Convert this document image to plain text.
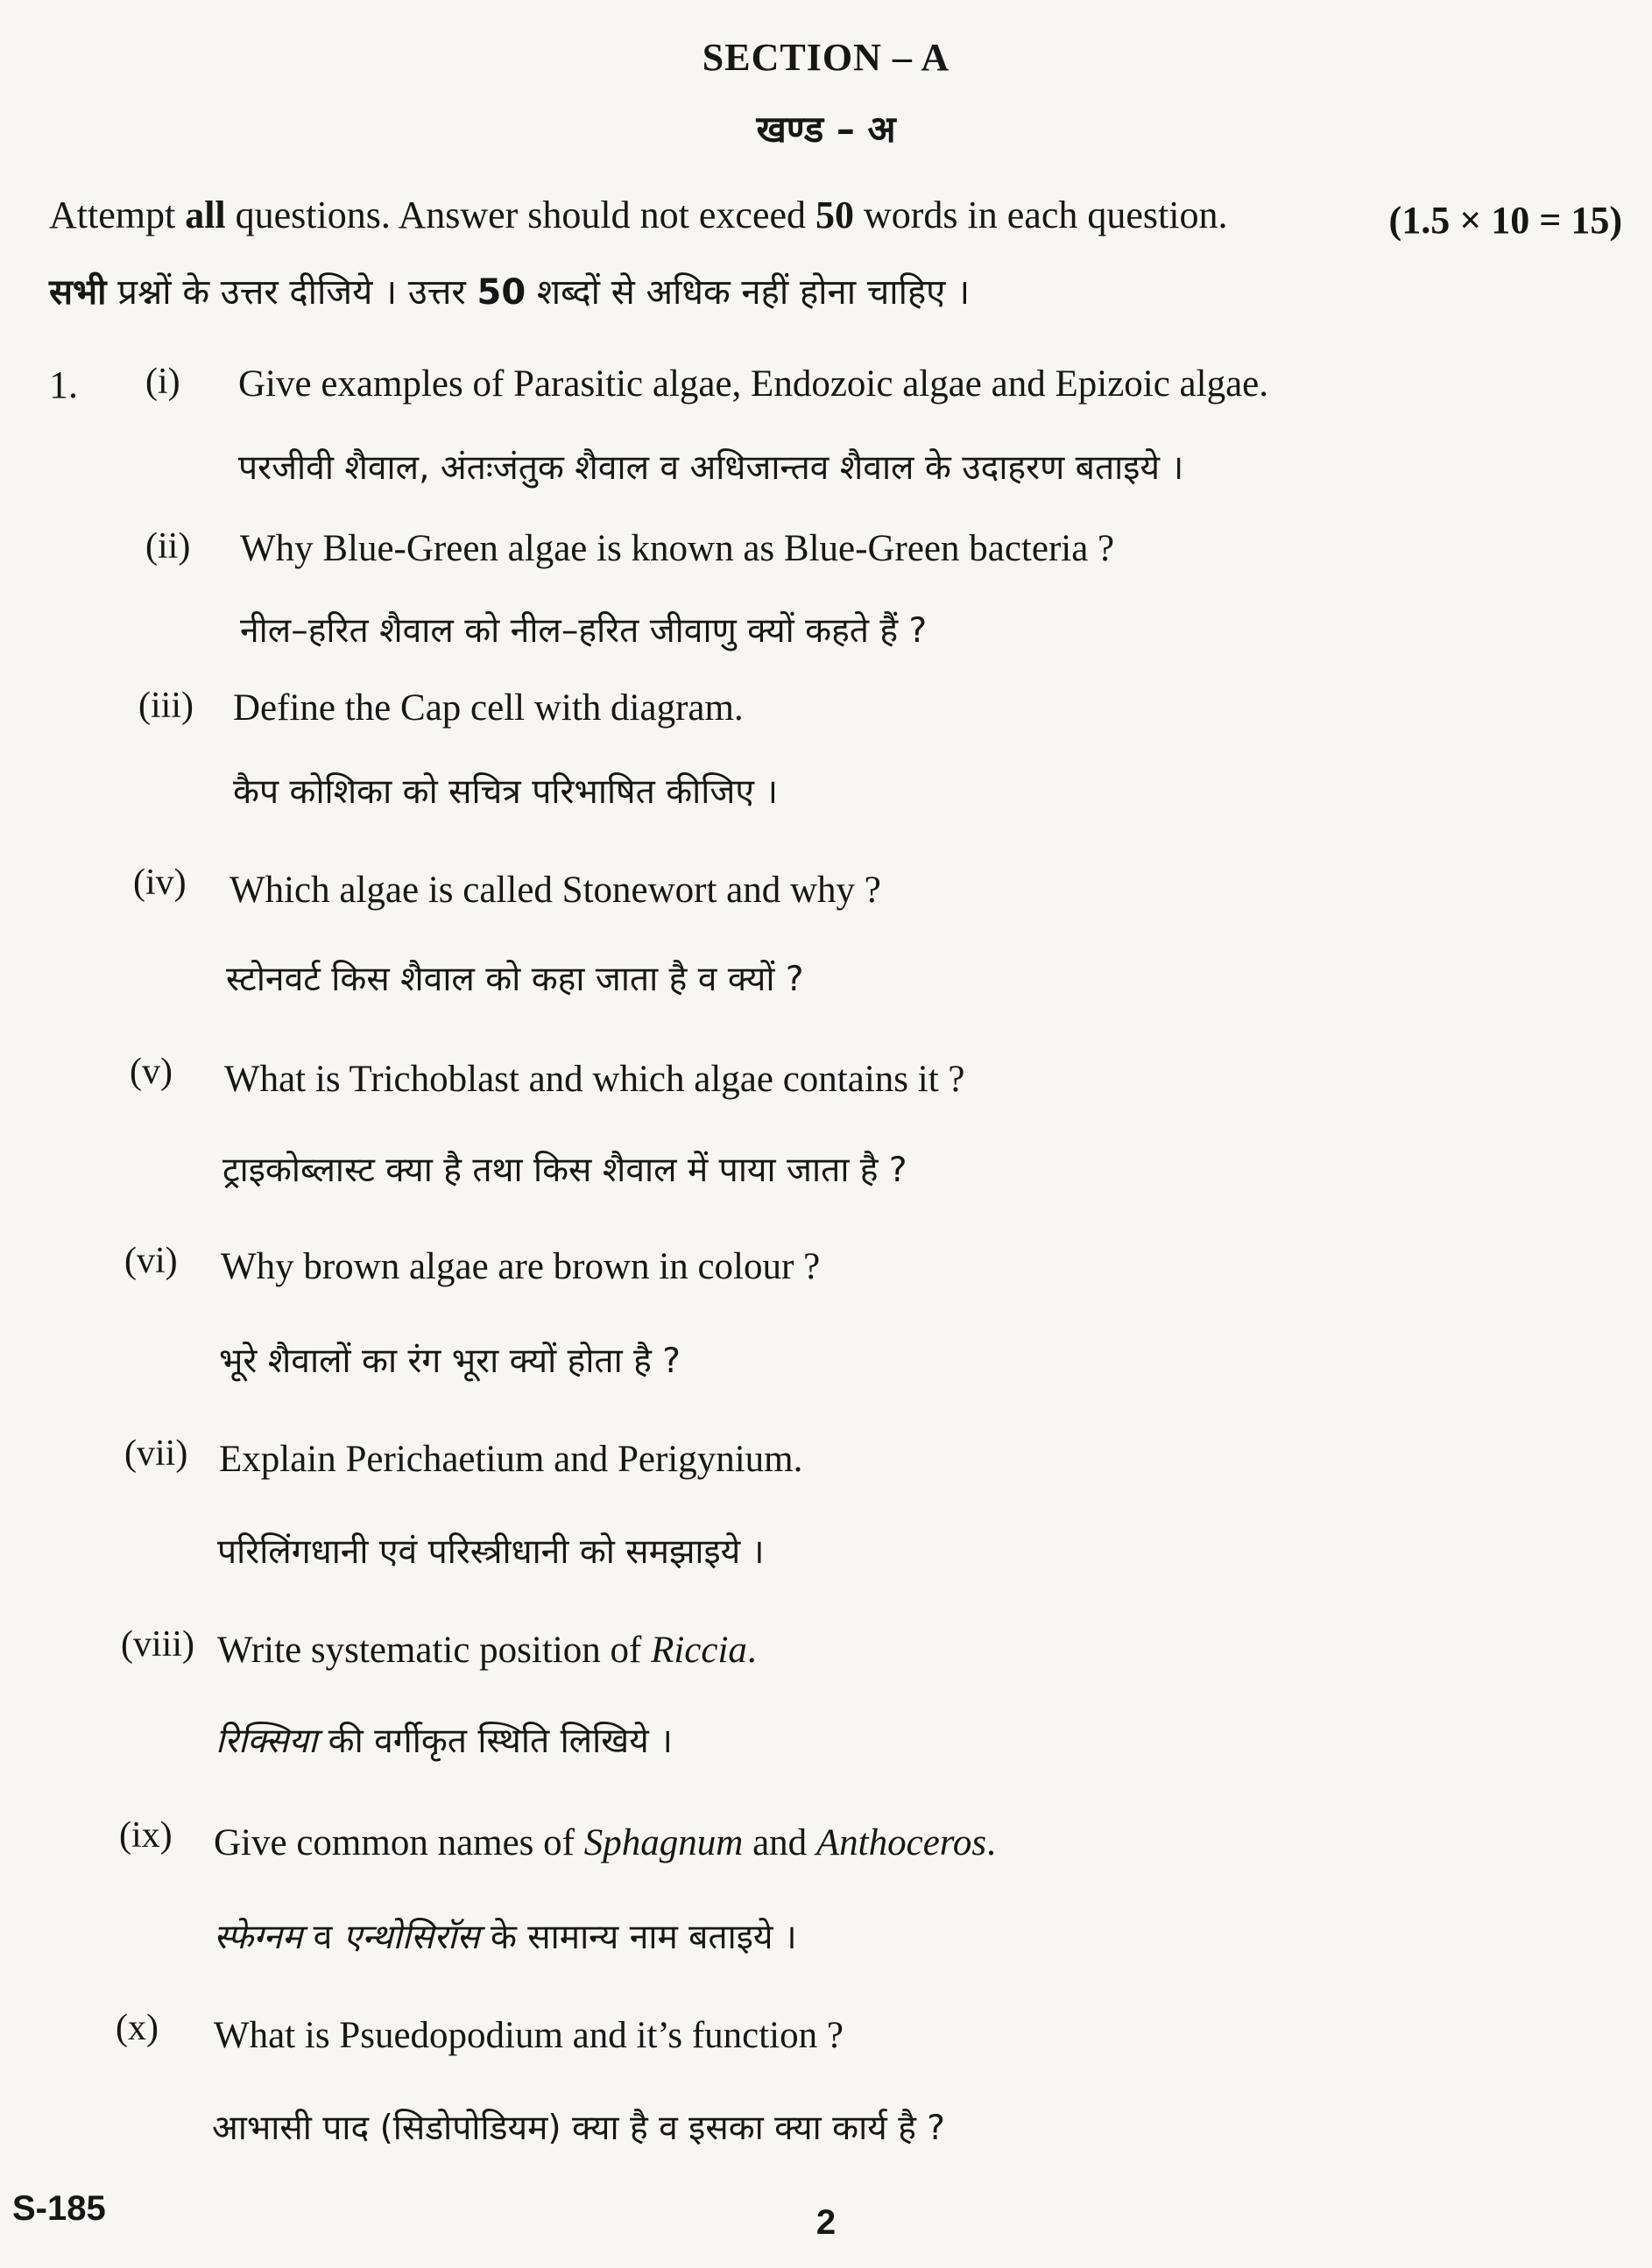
SECTION – A
खण्ड – अ
Attempt all questions. Answer should not exceed 50 words in each question.	(1.5 × 10 = 15)
सभी प्रश्नों के उत्तर दीजिये । उत्तर 50 शब्दों से अधिक नहीं होना चाहिए ।
1. (i) Give examples of Parasitic algae, Endozoic algae and Epizoic algae.
परजीवी शैवाल, अंतःजंतुक शैवाल व अधिजान्तव शैवाल के उदाहरण बताइये ।
(ii) Why Blue-Green algae is known as Blue-Green bacteria ?
नील–हरित शैवाल को नील–हरित जीवाणु क्यों कहते हैं ?
(iii) Define the Cap cell with diagram.
कैप कोशिका को सचित्र परिभाषित कीजिए ।
(iv) Which algae is called Stonewort and why ?
स्टोनवर्ट किस शैवाल को कहा जाता है व क्यों ?
(v) What is Trichoblast and which algae contains it ?
ट्राइकोब्लास्ट क्या है तथा किस शैवाल में पाया जाता है ?
(vi) Why brown algae are brown in colour ?
भूरे शैवालों का रंग भूरा क्यों होता है ?
(vii) Explain Perichaetium and Perigynium.
परिलिंगधानी एवं परिस्त्रीधानी को समझाइये ।
(viii) Write systematic position of Riccia.
रिक्सिया की वर्गीकृत स्थिति लिखिये ।
(ix) Give common names of Sphagnum and Anthoceros.
स्फेग्नम व एन्थोसिरॉस के सामान्य नाम बताइये ।
(x) What is Psuedopodium and it’s function ?
आभासी पाद (सिडोपोडियम) क्या है व इसका क्या कार्य है ?
S-185	2
